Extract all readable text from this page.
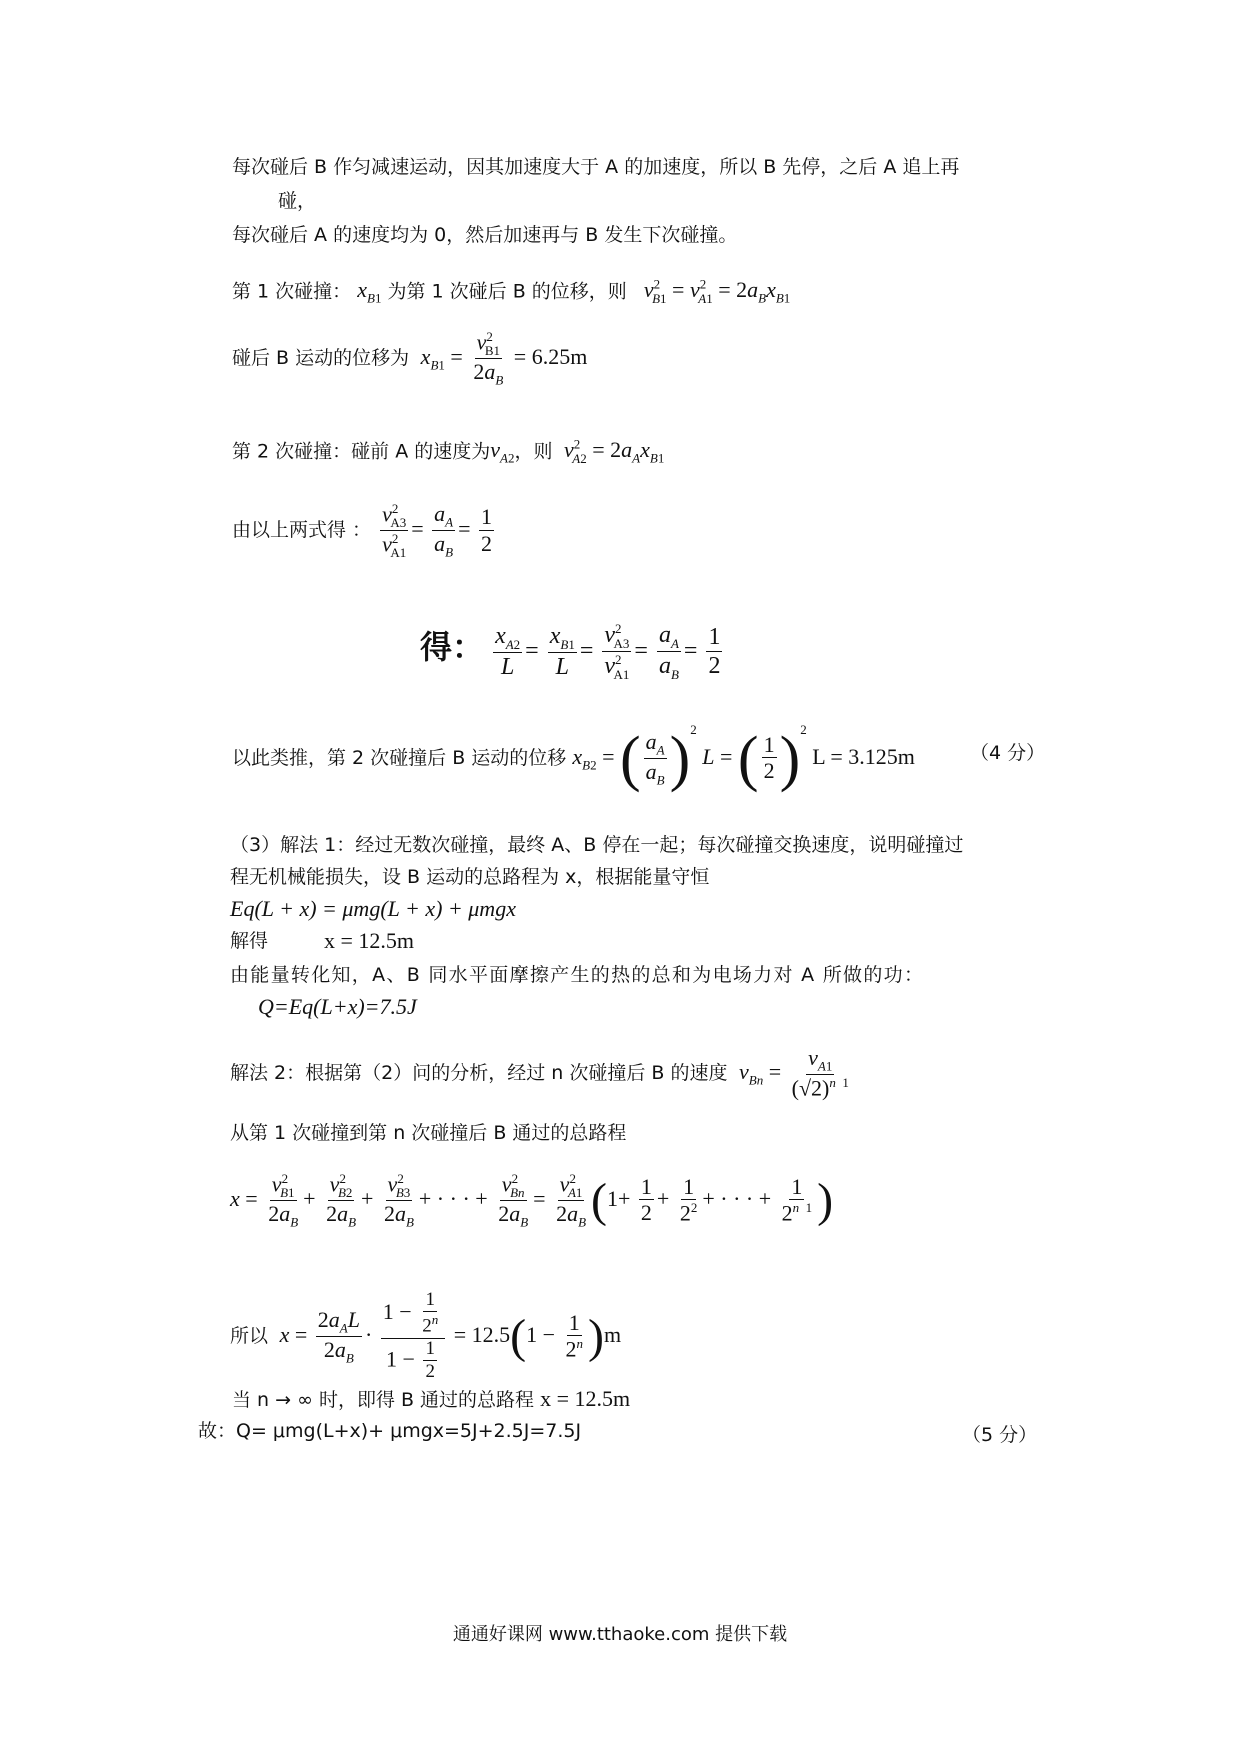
每次碰后 B 作匀减速运动，因其加速度大于 A 的加速度，所以 B 先停，之后 A 追上再
碰，
每次碰后 A 的速度均为 0，然后加速再与 B 发生下次碰撞。
第 1 次碰撞： $x_{B1}$ 为第 1 次碰后 B 的位移，则 $v^2_{B1} = v^2_{A1} = 2a_Bx_{B1}$
碰后 B 运动的位移为 $x_{B1} = \frac{v^2_{B1}}{2a_B} = 6.25m$
第 2 次碰撞：碰前 A 的速度为$v_{A2}$，则 $v^2_{A2} = 2a_Ax_{B1}$
由以上两式得 ： $\frac{v^2_{A3}}{v^2_{A1}} = \frac{a_A}{a_B} = \frac{1}{2}$
得： $\frac{x_{A2}}{L} = \frac{x_{B1}}{L} = \frac{v^2_{A3}}{v^2_{A1}} = \frac{a_A}{a_B} = \frac{1}{2}$
以此类推，第 2 次碰撞后 B 运动的位移 $x_{B2}$ = ( $\frac{a_A}{a_B} )^2$ L = ( $\frac{1}{2} )^2$ L = 3.125m	（4 分）
（3）解法 1：经过无数次碰撞，最终 A、B 停在一起；每次碰撞交换速度，说明碰撞过
程无机械能损失，设 B 运动的总路程为 x，根据能量守恒
Eq(L + x) = μmg(L + x) + μmgx
解得	x = 12.5m
由能量转化知，A、B 同水平面摩擦产生的热的总和为电场力对 A 所做的功：
Q=Eq(L+x)=7.5J
解法 2：根据第（2）问的分析，经过 n 次碰撞后 B 的速度 $v_{Bn} = \frac{v_{A1}}{(√2)^{n 1}}$
从第 1 次碰撞到第 n 次碰撞后 B 通过的总路程
$x = \frac{v^2_{B1}}{2a_B} + \frac{v^2_{B2}}{2a_B} + \frac{v^2_{B3}}{2a_B}$ + · · · + $\frac{v^2_{Bn}}{2a_B} = \frac{v^2_{A1}}{2a_B} (1+ \frac{1}{2} + \frac{1}{2^2}$ + · · · + $\frac{1}{2^{n 1}}$ )
所以 $x = \frac{2a_AL}{2a_B} \cdot \frac{1 - \frac{1}{2^n}}{1 - \frac{1}{2}} = 12.5(1 - \frac{1}{2^n} )m$
当 n → ∞ 时，即得 B 通过的总路程 x = 12.5m
故：Q= μmg(L+x)+ μmgx=5J+2.5J=7.5J	（5 分）
通通好课网 www.tthaoke.com 提供下载
